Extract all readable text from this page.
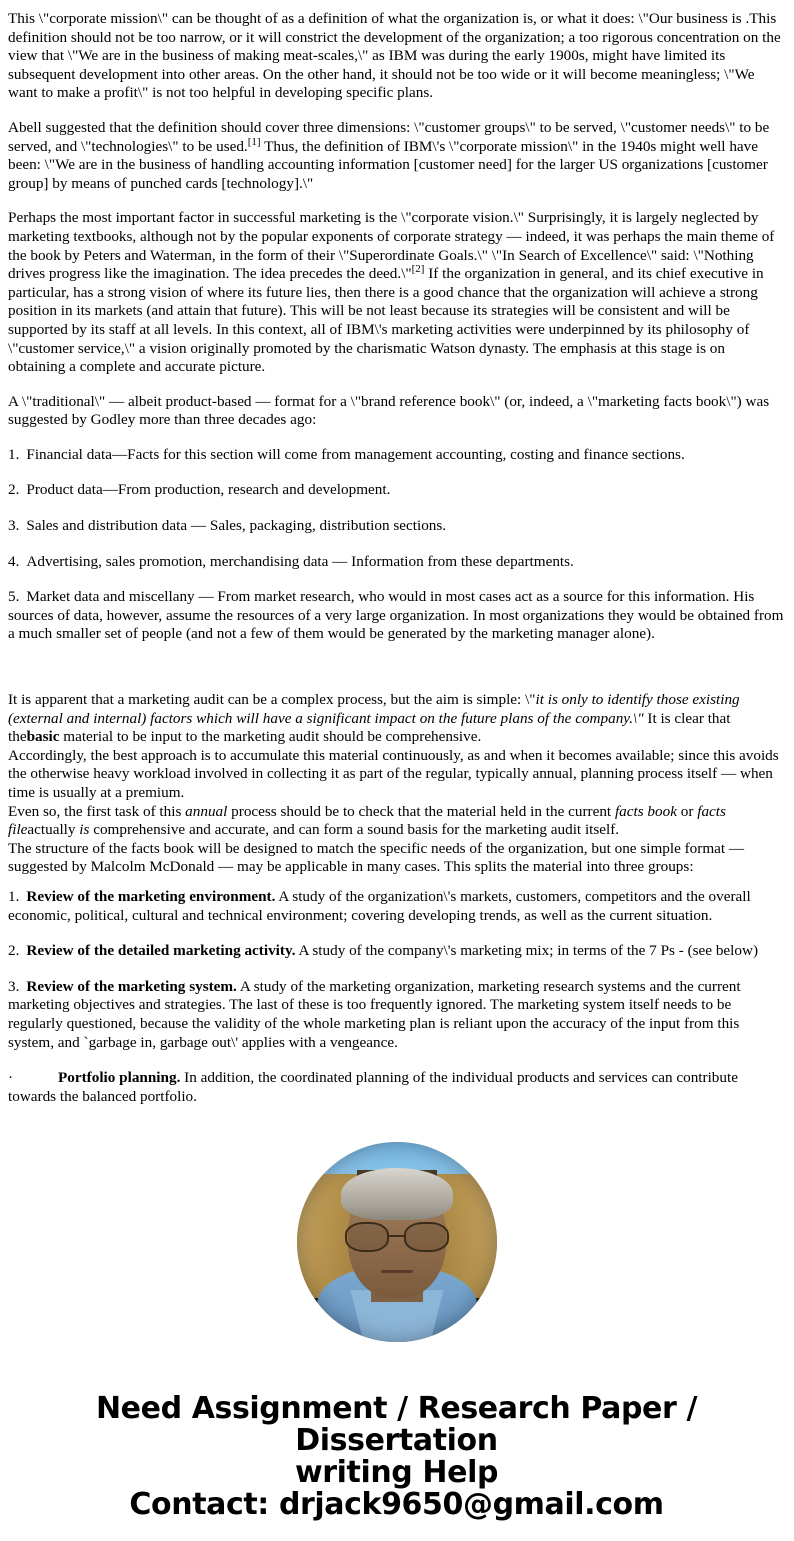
This \"corporate mission\" can be thought of as a definition of what the organization is, or what it does: \"Our business is .This definition should not be too narrow, or it will constrict the development of the organization; a too rigorous concentration on the view that \"We are in the business of making meat-scales,\" as IBM was during the early 1900s, might have limited its subsequent development into other areas. On the other hand, it should not be too wide or it will become meaningless; \"We want to make a profit\" is not too helpful in developing specific plans.

Abell suggested that the definition should cover three dimensions: \"customer groups\" to be served, \"customer needs\" to be served, and \"technologies\" to be used.[1] Thus, the definition of IBM\'s \"corporate mission\" in the 1940s might well have been: \"We are in the business of handling accounting information [customer need] for the larger US organizations [customer group] by means of punched cards [technology].\"

Perhaps the most important factor in successful marketing is the \"corporate vision.\" Surprisingly, it is largely neglected by marketing textbooks, although not by the popular exponents of corporate strategy — indeed, it was perhaps the main theme of the book by Peters and Waterman, in the form of their \"Superordinate Goals.\" \"In Search of Excellence\" said: \"Nothing drives progress like the imagination. The idea precedes the deed.\"[2] If the organization in general, and its chief executive in particular, has a strong vision of where its future lies, then there is a good chance that the organization will achieve a strong position in its markets (and attain that future). This will be not least because its strategies will be consistent and will be supported by its staff at all levels. In this context, all of IBM\'s marketing activities were underpinned by its philosophy of \"customer service,\" a vision originally promoted by the charismatic Watson dynasty. The emphasis at this stage is on obtaining a complete and accurate picture.

A \"traditional\" — albeit product-based — format for a \"brand reference book\" (or, indeed, a \"marketing facts book\") was suggested by Godley more than three decades ago:

1. Financial data—Facts for this section will come from management accounting, costing and finance sections.
2. Product data—From production, research and development.
3. Sales and distribution data — Sales, packaging, distribution sections.
4. Advertising, sales promotion, merchandising data — Information from these departments.
5. Market data and miscellany — From market research, who would in most cases act as a source for this information. His sources of data, however, assume the resources of a very large organization. In most organizations they would be obtained from a much smaller set of people (and not a few of them would be generated by the marketing manager alone).

It is apparent that a marketing audit can be a complex process, but the aim is simple: \"it is only to identify those existing (external and internal) factors which will have a significant impact on the future plans of the company.\" It is clear that thebasic material to be input to the marketing audit should be comprehensive.

Accordingly, the best approach is to accumulate this material continuously, as and when it becomes available; since this avoids the otherwise heavy workload involved in collecting it as part of the regular, typically annual, planning process itself — when time is usually at a premium.

Even so, the first task of this annual process should be to check that the material held in the current facts book or facts fileactually is comprehensive and accurate, and can form a sound basis for the marketing audit itself.

The structure of the facts book will be designed to match the specific needs of the organization, but one simple format — suggested by Malcolm McDonald — may be applicable in many cases. This splits the material into three groups:

1. Review of the marketing environment. A study of the organization\'s markets, customers, competitors and the overall economic, political, cultural and technical environment; covering developing trends, as well as the current situation.
2. Review of the detailed marketing activity. A study of the company\'s marketing mix; in terms of the 7 Ps - (see below)
3. Review of the marketing system. A study of the marketing organization, marketing research systems and the current marketing objectives and strategies. The last of these is too frequently ignored. The marketing system itself needs to be regularly questioned, because the validity of the whole marketing plan is reliant upon the accuracy of the input from this system, and `garbage in, garbage out\' applies with a vengeance.

·	Portfolio planning. In addition, the coordinated planning of the individual products and services can contribute towards the balanced portfolio.

Need Assignment / Research Paper / Dissertation
writing Help
Contact: drjack9650@gmail.com
